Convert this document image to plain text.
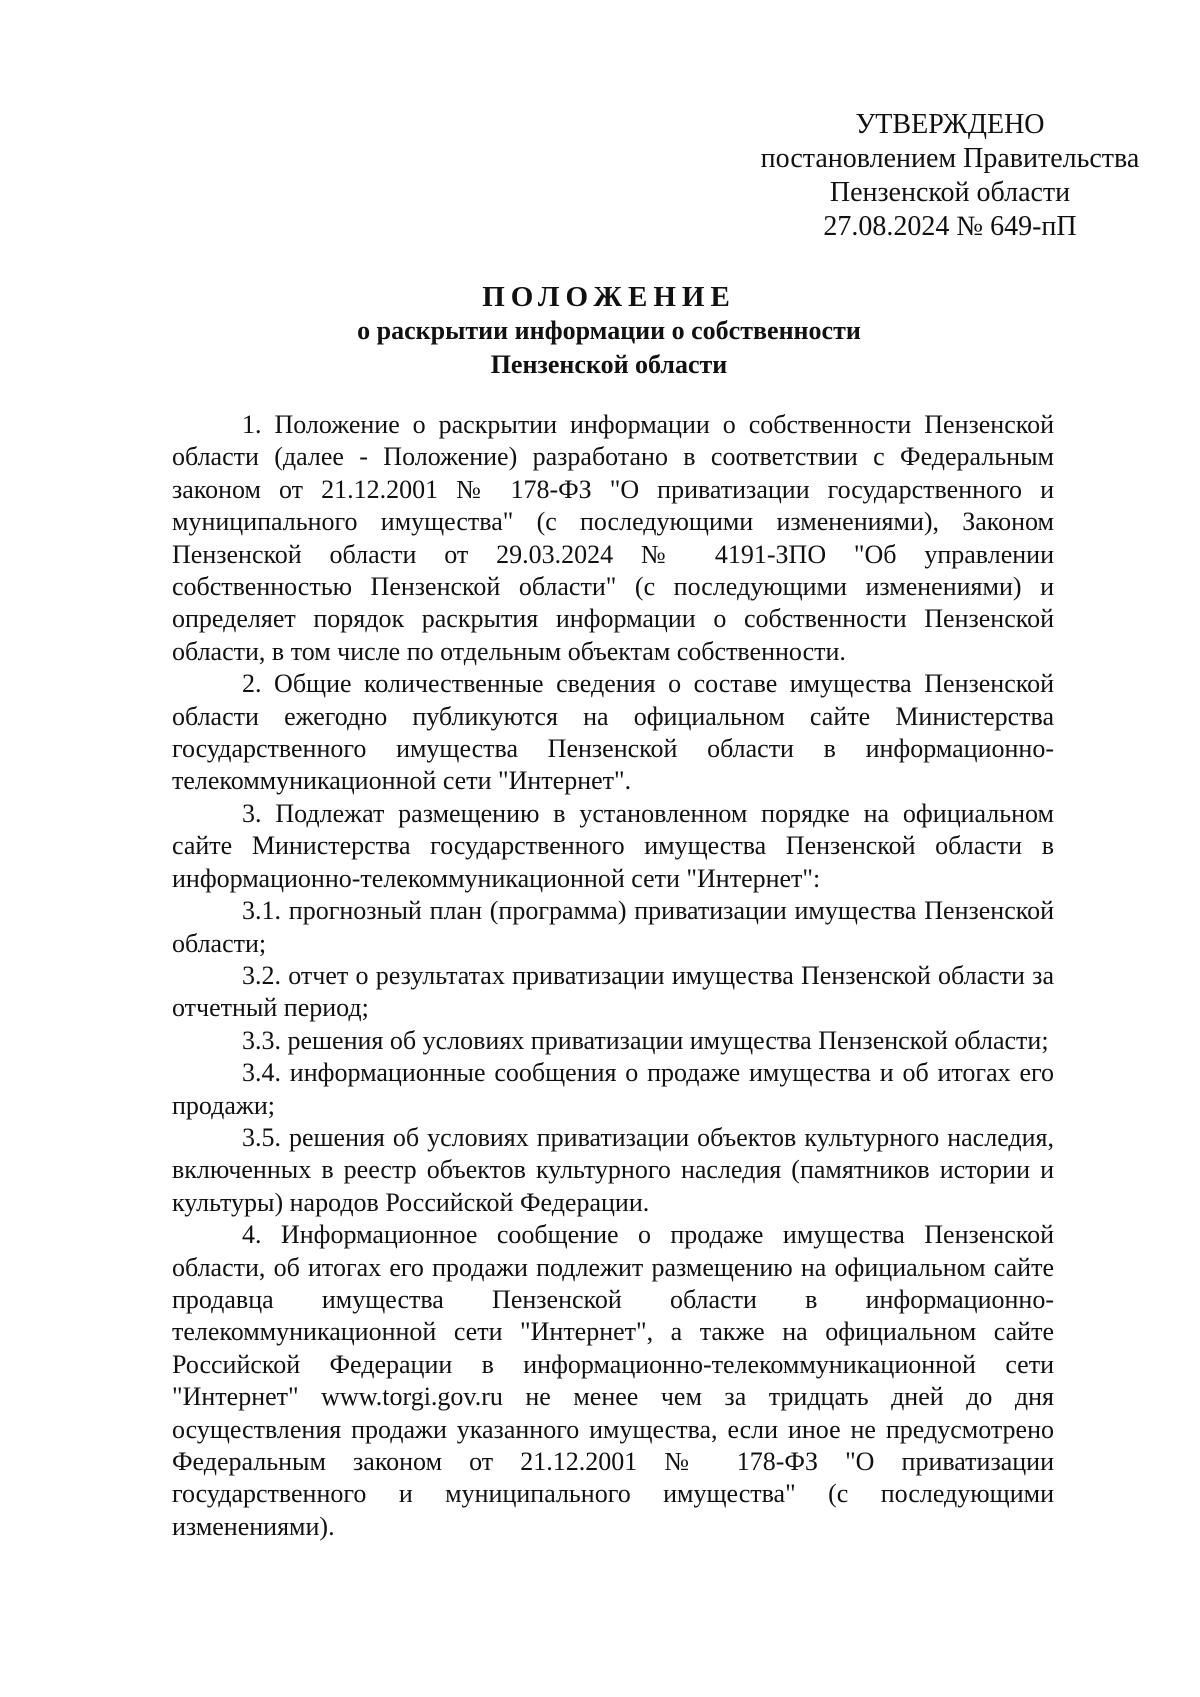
УТВЕРЖДЕНО
постановлением Правительства
Пензенской области
27.08.2024 № 649-пП
ПОЛОЖЕНИЕ
о раскрытии информации о собственности
Пензенской области

1. Положение о раскрытии информации о собственности Пензенской области (далее - Положение) разработано в соответствии с Федеральным законом от 21.12.2001 № 178-ФЗ "О приватизации государственного и муниципального имущества" (с последующими изменениями), Законом Пензенской области от 29.03.2024 № 4191-ЗПО "Об управлении собственностью Пензенской области" (с последующими изменениями) и определяет порядок раскрытия информации о собственности Пензенской области, в том числе по отдельным объектам собственности.

2. Общие количественные сведения о составе имущества Пензенской области ежегодно публикуются на официальном сайте Министерства государственного имущества Пензенской области в информационно-телекоммуникационной сети "Интернет".

3. Подлежат размещению в установленном порядке на официальном сайте Министерства государственного имущества Пензенской области в информационно-телекоммуникационной сети "Интернет":

3.1. прогнозный план (программа) приватизации имущества Пензенской области;

3.2. отчет о результатах приватизации имущества Пензенской области за отчетный период;

3.3. решения об условиях приватизации имущества Пензенской области;

3.4. информационные сообщения о продаже имущества и об итогах его продажи;

3.5. решения об условиях приватизации объектов культурного наследия, включенных в реестр объектов культурного наследия (памятников истории и культуры) народов Российской Федерации.

4. Информационное сообщение о продаже имущества Пензенской области, об итогах его продажи подлежит размещению на официальном сайте продавца имущества Пензенской области в информационно-телекоммуникационной сети "Интернет", а также на официальном сайте Российской Федерации в информационно-телекоммуникационной сети "Интернет" www.torgi.gov.ru не менее чем за тридцать дней до дня осуществления продажи указанного имущества, если иное не предусмотрено Федеральным законом от 21.12.2001 № 178-ФЗ "О приватизации государственного и муниципального имущества" (с последующими изменениями).
